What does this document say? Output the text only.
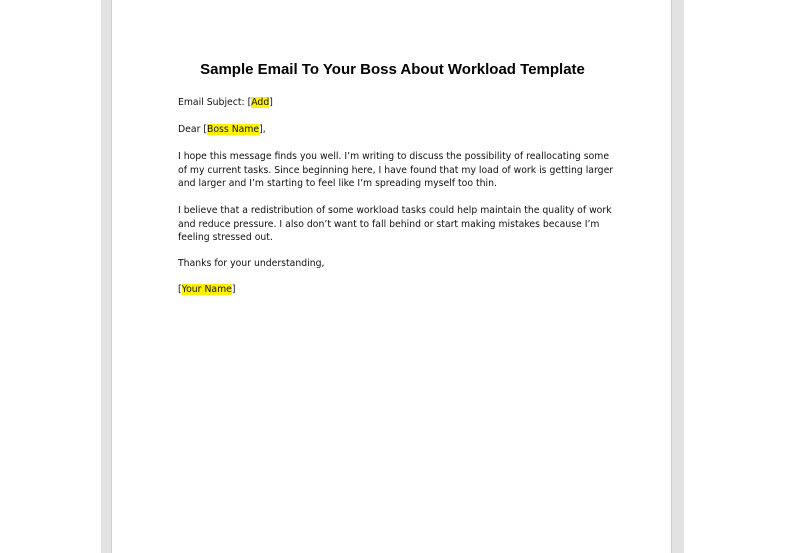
Sample Email To Your Boss About Workload Template

Email Subject: [Add]

Dear [Boss Name],

I hope this message finds you well. I’m writing to discuss the possibility of reallocating some of my current tasks. Since beginning here, I have found that my load of work is getting larger and larger and I’m starting to feel like I’m spreading myself too thin.

I believe that a redistribution of some workload tasks could help maintain the quality of work and reduce pressure. I also don’t want to fall behind or start making mistakes because I’m feeling stressed out.

Thanks for your understanding,

[Your Name]
